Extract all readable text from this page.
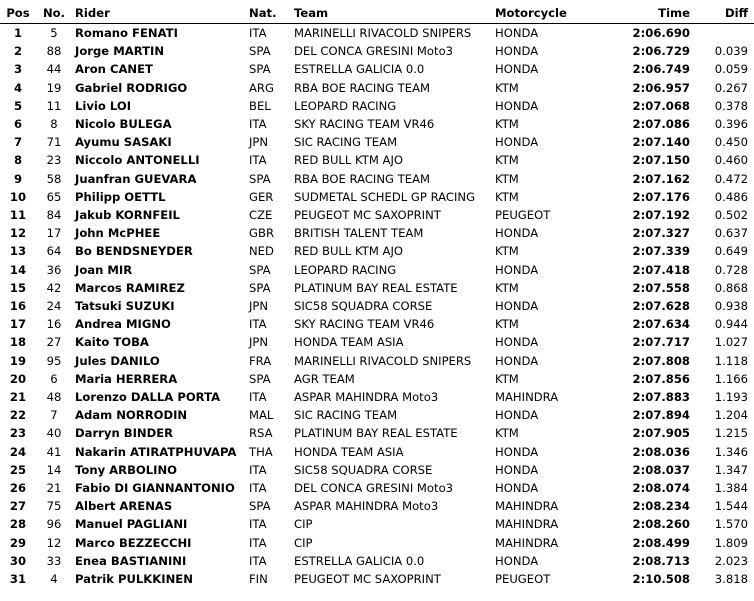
Pos	No.	Rider	Nat.	Team	Motorcycle	Time	Diff
1	5	Romano FENATI	ITA	MARINELLI RIVACOLD SNIPERS	HONDA	2:06.690	
2	88	Jorge MARTIN	SPA	DEL CONCA GRESINI Moto3	HONDA	2:06.729	0.039
3	44	Aron CANET	SPA	ESTRELLA GALICIA 0.0	HONDA	2:06.749	0.059
4	19	Gabriel RODRIGO	ARG	RBA BOE RACING TEAM	KTM	2:06.957	0.267
5	11	Livio LOI	BEL	LEOPARD RACING	HONDA	2:07.068	0.378
6	8	Nicolo BULEGA	ITA	SKY RACING TEAM VR46	KTM	2:07.086	0.396
7	71	Ayumu SASAKI	JPN	SIC RACING TEAM	HONDA	2:07.140	0.450
8	23	Niccolo ANTONELLI	ITA	RED BULL KTM AJO	KTM	2:07.150	0.460
9	58	Juanfran GUEVARA	SPA	RBA BOE RACING TEAM	KTM	2:07.162	0.472
10	65	Philipp OETTL	GER	SUDMETAL SCHEDL GP RACING	KTM	2:07.176	0.486
11	84	Jakub KORNFEIL	CZE	PEUGEOT MC SAXOPRINT	PEUGEOT	2:07.192	0.502
12	17	John McPHEE	GBR	BRITISH TALENT TEAM	HONDA	2:07.327	0.637
13	64	Bo BENDSNEYDER	NED	RED BULL KTM AJO	KTM	2:07.339	0.649
14	36	Joan MIR	SPA	LEOPARD RACING	HONDA	2:07.418	0.728
15	42	Marcos RAMIREZ	SPA	PLATINUM BAY REAL ESTATE	KTM	2:07.558	0.868
16	24	Tatsuki SUZUKI	JPN	SIC58 SQUADRA CORSE	HONDA	2:07.628	0.938
17	16	Andrea MIGNO	ITA	SKY RACING TEAM VR46	KTM	2:07.634	0.944
18	27	Kaito TOBA	JPN	HONDA TEAM ASIA	HONDA	2:07.717	1.027
19	95	Jules DANILO	FRA	MARINELLI RIVACOLD SNIPERS	HONDA	2:07.808	1.118
20	6	Maria HERRERA	SPA	AGR TEAM	KTM	2:07.856	1.166
21	48	Lorenzo DALLA PORTA	ITA	ASPAR MAHINDRA Moto3	MAHINDRA	2:07.883	1.193
22	7	Adam NORRODIN	MAL	SIC RACING TEAM	HONDA	2:07.894	1.204
23	40	Darryn BINDER	RSA	PLATINUM BAY REAL ESTATE	KTM	2:07.905	1.215
24	41	Nakarin ATIRATPHUVAPA	THA	HONDA TEAM ASIA	HONDA	2:08.036	1.346
25	14	Tony ARBOLINO	ITA	SIC58 SQUADRA CORSE	HONDA	2:08.037	1.347
26	21	Fabio DI GIANNANTONIO	ITA	DEL CONCA GRESINI Moto3	HONDA	2:08.074	1.384
27	75	Albert ARENAS	SPA	ASPAR MAHINDRA Moto3	MAHINDRA	2:08.234	1.544
28	96	Manuel PAGLIANI	ITA	CIP	MAHINDRA	2:08.260	1.570
29	12	Marco BEZZECCHI	ITA	CIP	MAHINDRA	2:08.499	1.809
30	33	Enea BASTIANINI	ITA	ESTRELLA GALICIA 0.0	HONDA	2:08.713	2.023
31	4	Patrik PULKKINEN	FIN	PEUGEOT MC SAXOPRINT	PEUGEOT	2:10.508	3.818
